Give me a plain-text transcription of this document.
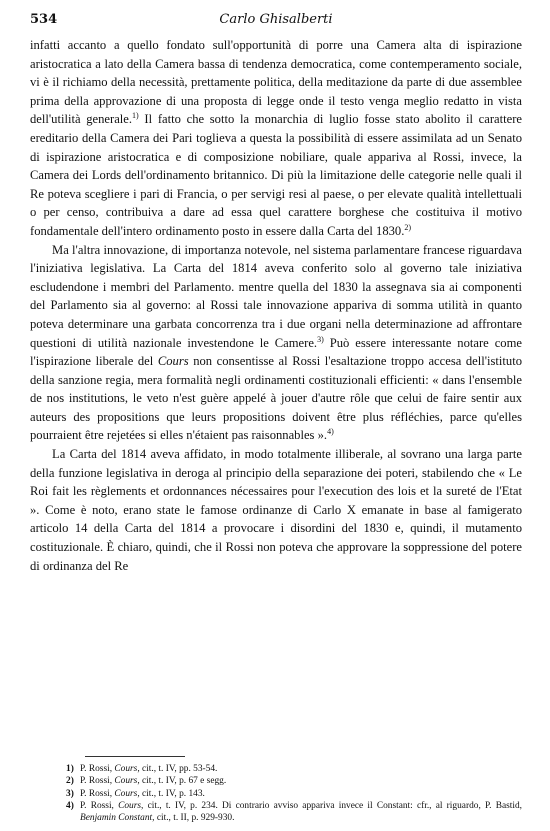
534	Carlo Ghisalberti

infatti accanto a quello fondato sull'opportunità di porre una Camera alta di ispirazione aristocratica a lato della Camera bassa di tendenza democratica, come contemperamento sociale, vi è il richiamo della necessità, prettamente politica, della meditazione da parte di due assemblee prima della approvazione di una proposta di legge onde il testo venga meglio redatto in vista dell'utilità generale.$^{1)}$ Il fatto che sotto la monarchia di luglio fosse stato abolito il carattere ereditario della Camera dei Pari toglieva a questa la possibilità di essere assimilata ad un Senato di ispirazione aristocratica e di composizione nobiliare, quale appariva al Rossi, invece, la Camera dei Lords dell'ordinamento britannico. Di più la limitazione delle categorie nelle quali il Re poteva scegliere i pari di Francia, o per servigi resi al paese, o per elevate qualità intellettuali o per censo, contribuiva a dare ad essa quel carattere borghese che costituiva il motivo fondamentale dell'intero ordinamento posto in essere dalla Carta del 1830.$^{2)}$

Ma l'altra innovazione, di importanza notevole, nel sistema parlamentare francese riguardava l'iniziativa legislativa. La Carta del 1814 aveva conferito solo al governo tale iniziativa escludendone i membri del Parlamento. mentre quella del 1830 la assegnava sia ai componenti del Parlamento sia al governo: al Rossi tale innovazione appariva di somma utilità in quanto poteva determinare una garbata concorrenza tra i due organi nella determinazione ad affrontare questioni di utilità nazionale investendone le Camere.$^{3)}$ Può essere interessante notare come l'ispirazione liberale del Cours non consentisse al Rossi l'esaltazione troppo accesa dell'istituto della sanzione regia, mera formalità negli ordinamenti costituzionali efficienti: « dans l'ensemble de nos institutions, le veto n'est guère appelé à jouer d'autre rôle que celui de faire sentir aux auteurs des propositions que leurs propositions doivent être plus réfléchies, parce qu'elles pourraient être rejetées si elles n'étaient pas raisonnables ».$^{4)}$

La Carta del 1814 aveva affidato, in modo totalmente illiberale, al sovrano una larga parte della funzione legislativa in deroga al principio della separazione dei poteri, stabilendo che « Le Roi fait les règlements et ordonnances nécessaires pour l'execution des lois et la sureté de l'Etat ». Come è noto, erano state le famose ordinanze di Carlo X emanate in base al famigerato articolo 14 della Carta del 1814 a provocare i disordini del 1830 e, quindi, il mutamento costituzionale. È chiaro, quindi, che il Rossi non poteva che approvare la soppressione del potere di ordinanza del Re

1) P. Rossi, Cours, cit., t. IV, pp. 53-54.

2) P. Rossi, Cours, cit., t. IV, p. 67 e segg.

3) P. Rossi, Cours, cit., t. IV, p. 143.

4) P. Rossi, Cours, cit., t. IV, p. 234. Di contrario avviso appariva invece il Constant: cfr., al riguardo, P. Bastid, Benjamin Constant, cit., t. II, p. 929-930.
